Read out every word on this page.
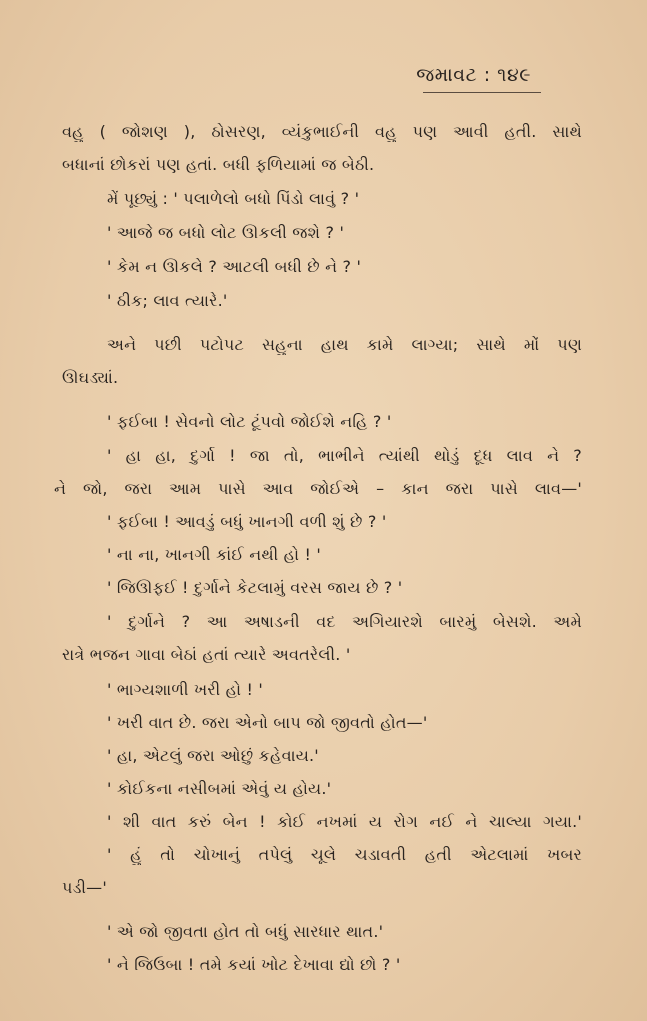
જમાવટ : ૧૪૯
વહુ ( જોશણ ), ઠોસરણ, વ્યંકુભાઈની વહુ પણ આવી હતી. સાથે
બધાનાં છોકરાં પણ હતાં. બધી ફળિયામાં જ બેઠી.
મેં પૂછ્યું : ' પલાળેલો બધો પિંડો લાવું ? '
' આજે જ બધો લોટ ઊકલી જશે ? '
' કેમ ન ઊકલે ? આટલી બધી છે ને ? '
' ઠીક; લાવ ત્યારે.'
અને પછી પટોપટ સહુના હાથ કામે લાગ્યા; સાથે મોં પણ
ઊઘડ્યાં.
' ફઈબા ! સેવનો લોટ ટૂંપવો જોઈશે નહિ ? '
' હા હા, દુર્ગા ! જા તો, ભાભીને ત્યાંથી થોડું દૂધ લાવ ને ?
ને જો, જરા આમ પાસે આવ જોઈએ – કાન જરા પાસે લાવ—'
' ફઈબા ! આવડું બધું ખાનગી વળી શું છે ? '
' ના ના, ખાનગી કાંઈ નથી હો ! '
' જિઊફઈ ! દુર્ગાને કેટલામું વરસ જાય છે ? '
' દુર્ગાને ? આ અષાડની વદ અગિયારશે બારમું બેસશે. અમે
રાત્રે ભજન ગાવા બેઠાં હતાં ત્યારે અવતરેલી. '
' ભાગ્યશાળી ખરી હો ! '
' ખરી વાત છે. જરા એનો બાપ જો જીવતો હોત—'
' હા, એટલું જરા ઓછું કહેવાય.'
' કોઈકના નસીબમાં એવું ય હોય.'
' શી વાત કરું બેન ! કોઈ નખમાં ય રોગ નઈ ને ચાલ્યા ગયા.'
' હું તો ચોખાનું તપેલું ચૂલે ચડાવતી હતી એટલામાં ખબર
પડી—'
' એ જો જીવતા હોત તો બધું સારધાર થાત.'
' ને જિઉબા ! તમે કયાં ખોટ દેખાવા દ્યો છો ? '
